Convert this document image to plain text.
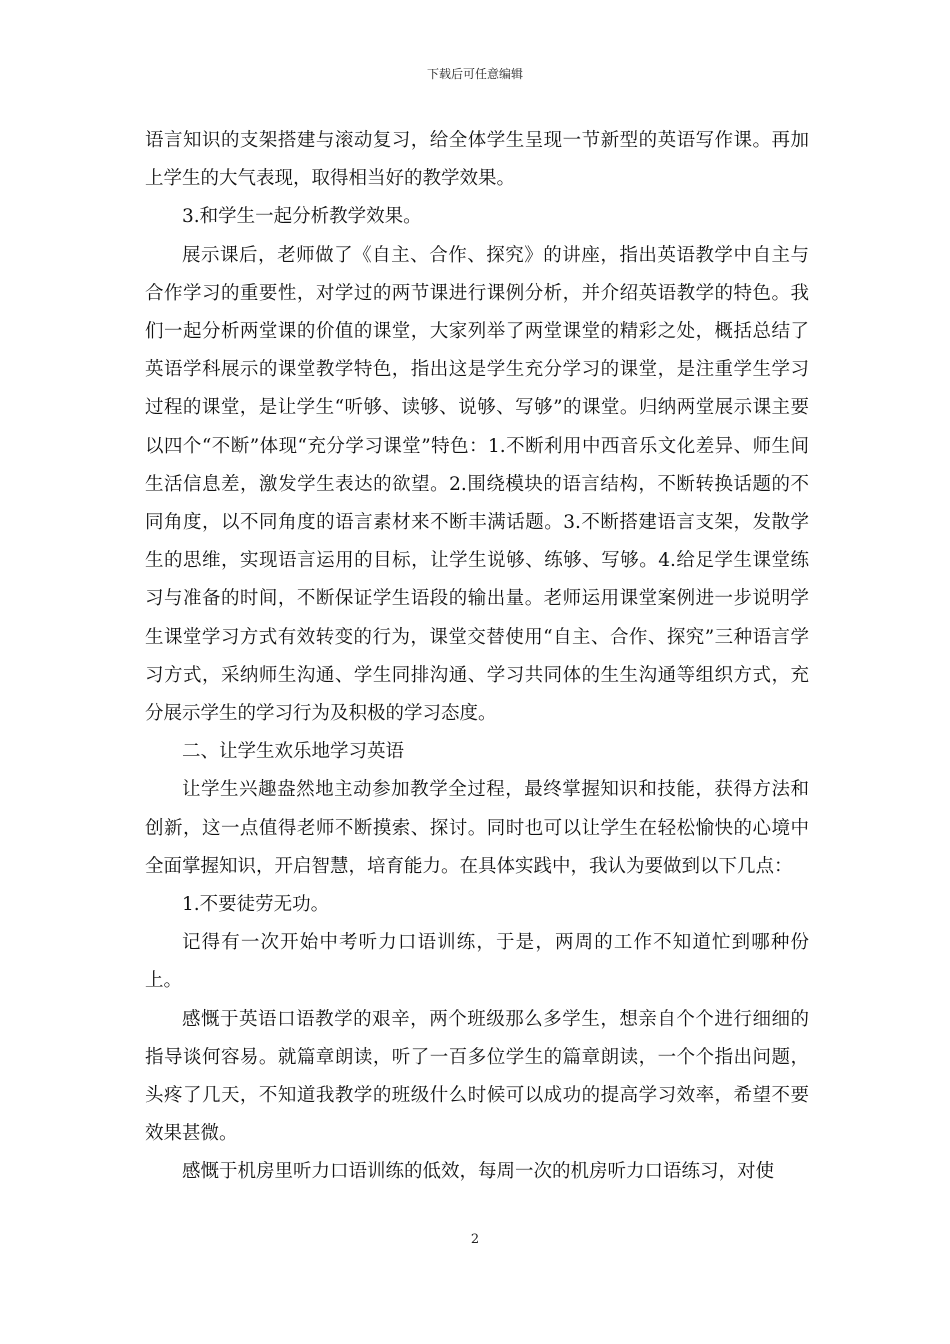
下载后可任意编辑

语言知识的支架搭建与滚动复习，给全体学生呈现一节新型的英语写作课。再加上学生的大气表现，取得相当好的教学效果。

3.和学生一起分析教学效果。

展示课后，老师做了《自主、合作、探究》的讲座，指出英语教学中自主与合作学习的重要性，对学过的两节课进行课例分析，并介绍英语教学的特色。我们一起分析两堂课的价值的课堂，大家列举了两堂课堂的精彩之处，概括总结了英语学科展示的课堂教学特色，指出这是学生充分学习的课堂，是注重学生学习过程的课堂，是让学生“听够、读够、说够、写够”的课堂。归纳两堂展示课主要以四个“不断”体现“充分学习课堂”特色：1.不断利用中西音乐文化差异、师生间生活信息差，激发学生表达的欲望。2.围绕模块的语言结构，不断转换话题的不同角度，以不同角度的语言素材来不断丰满话题。3.不断搭建语言支架，发散学生的思维，实现语言运用的目标，让学生说够、练够、写够。4.给足学生课堂练习与准备的时间，不断保证学生语段的输出量。老师运用课堂案例进一步说明学生课堂学习方式有效转变的行为，课堂交替使用“自主、合作、探究”三种语言学习方式，采纳师生沟通、学生同排沟通、学习共同体的生生沟通等组织方式，充分展示学生的学习行为及积极的学习态度。

二、让学生欢乐地学习英语

让学生兴趣盎然地主动参加教学全过程，最终掌握知识和技能，获得方法和创新，这一点值得老师不断摸索、探讨。同时也可以让学生在轻松愉快的心境中全面掌握知识，开启智慧，培育能力。在具体实践中，我认为要做到以下几点：

1.不要徒劳无功。

记得有一次开始中考听力口语训练，于是，两周的工作不知道忙到哪种份上。

感慨于英语口语教学的艰辛，两个班级那么多学生，想亲自个个进行细细的指导谈何容易。就篇章朗读，听了一百多位学生的篇章朗读，一个个指出问题，头疼了几天，不知道我教学的班级什么时候可以成功的提高学习效率，希望不要效果甚微。

感慨于机房里听力口语训练的低效，每周一次的机房听力口语练习，对使

2
